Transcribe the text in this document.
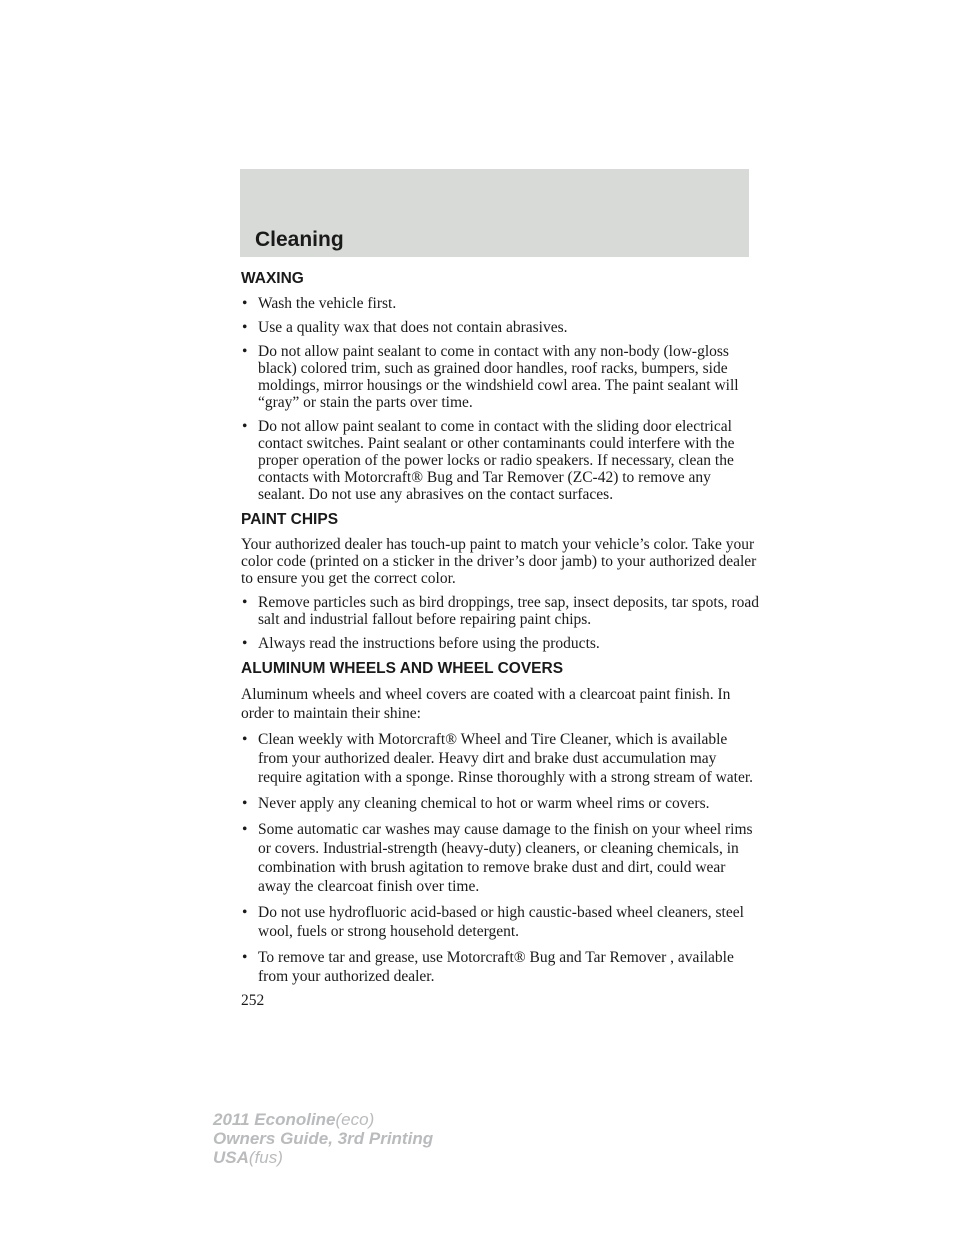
Cleaning
WAXING
• Wash the vehicle first.
• Use a quality wax that does not contain abrasives.
• Do not allow paint sealant to come in contact with any non-body (low-gloss black) colored trim, such as grained door handles, roof racks, bumpers, side moldings, mirror housings or the windshield cowl area. The paint sealant will “gray” or stain the parts over time.
• Do not allow paint sealant to come in contact with the sliding door electrical contact switches. Paint sealant or other contaminants could interfere with the proper operation of the power locks or radio speakers. If necessary, clean the contacts with Motorcraft® Bug and Tar Remover (ZC-42) to remove any sealant. Do not use any abrasives on the contact surfaces.
PAINT CHIPS

Your authorized dealer has touch-up paint to match your vehicle’s color. Take your color code (printed on a sticker in the driver’s door jamb) to your authorized dealer to ensure you get the correct color.

• Remove particles such as bird droppings, tree sap, insect deposits, tar spots, road salt and industrial fallout before repairing paint chips.
• Always read the instructions before using the products.
ALUMINUM WHEELS AND WHEEL COVERS

Aluminum wheels and wheel covers are coated with a clearcoat paint finish. In order to maintain their shine:

• Clean weekly with Motorcraft® Wheel and Tire Cleaner, which is available from your authorized dealer. Heavy dirt and brake dust accumulation may require agitation with a sponge. Rinse thoroughly with a strong stream of water.
• Never apply any cleaning chemical to hot or warm wheel rims or covers.
• Some automatic car washes may cause damage to the finish on your wheel rims or covers. Industrial-strength (heavy-duty) cleaners, or cleaning chemicals, in combination with brush agitation to remove brake dust and dirt, could wear away the clearcoat finish over time.
• Do not use hydrofluoric acid-based or high caustic-based wheel cleaners, steel wool, fuels or strong household detergent.
• To remove tar and grease, use Motorcraft® Bug and Tar Remover , available from your authorized dealer.
252
2011 Econoline(eco)
Owners Guide, 3rd Printing
USA(fus)
